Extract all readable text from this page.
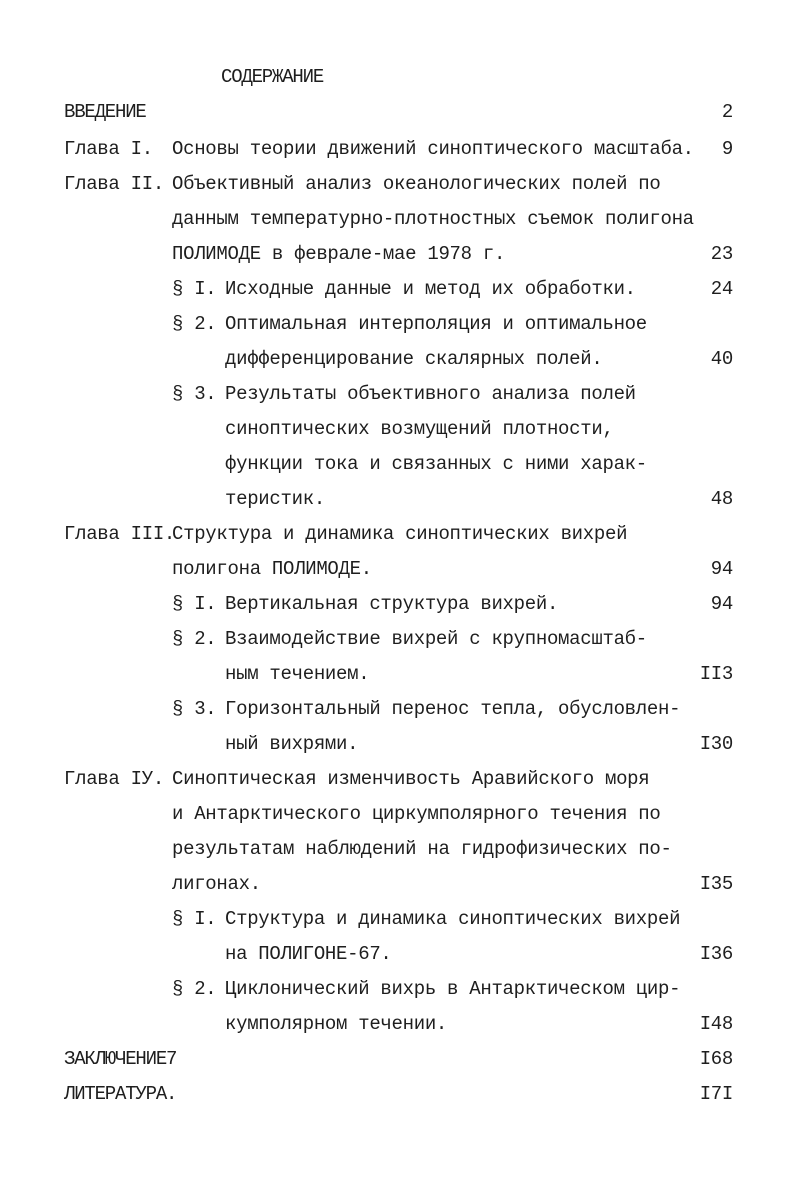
СОДЕРЖАНИЕ
ВВЕДЕНИЕ	2
Глава I. Основы теории движений синоптического масштаба. 9
Глава II. Объективный анализ океанологических полей по
данным температурно-плотностных съемок полигона
ПОЛИМОДЕ в феврале-мае 1978 г.	23
§ I. Исходные данные и метод их обработки.	24
§ 2. Оптимальная интерполяция и оптимальное
дифференцирование скалярных полей.	40
§ 3. Результаты объективного анализа полей
синоптических возмущений плотности,
функции тока и связанных с ними харак-
теристик.	48
Глава III.
Структура и динамика синоптических вихрей
полигона ПОЛИМОДЕ.	94
§ I. Вертикальная структура вихрей.	94
§ 2. Взаимодействие вихрей с крупномасштаб-
ным течением.	II3
§ 3. Горизонтальный перенос тепла, обусловлен-
ный вихрями.	I30
Глава IУ. Синоптическая изменчивость Аравийского моря
и Антарктического циркумполярного течения по
результатам наблюдений на гидрофизических по-
лигонах.	I35
§ I. Структура и динамика синоптических вихрей
на ПОЛИГОНЕ-67.	I36
§ 2. Циклонический вихрь в Антарктическом цир-
кумполярном течении.	I48
ЗАКЛЮЧЕНИЕ7	I68
ЛИТЕРАТУРА.	I7I
